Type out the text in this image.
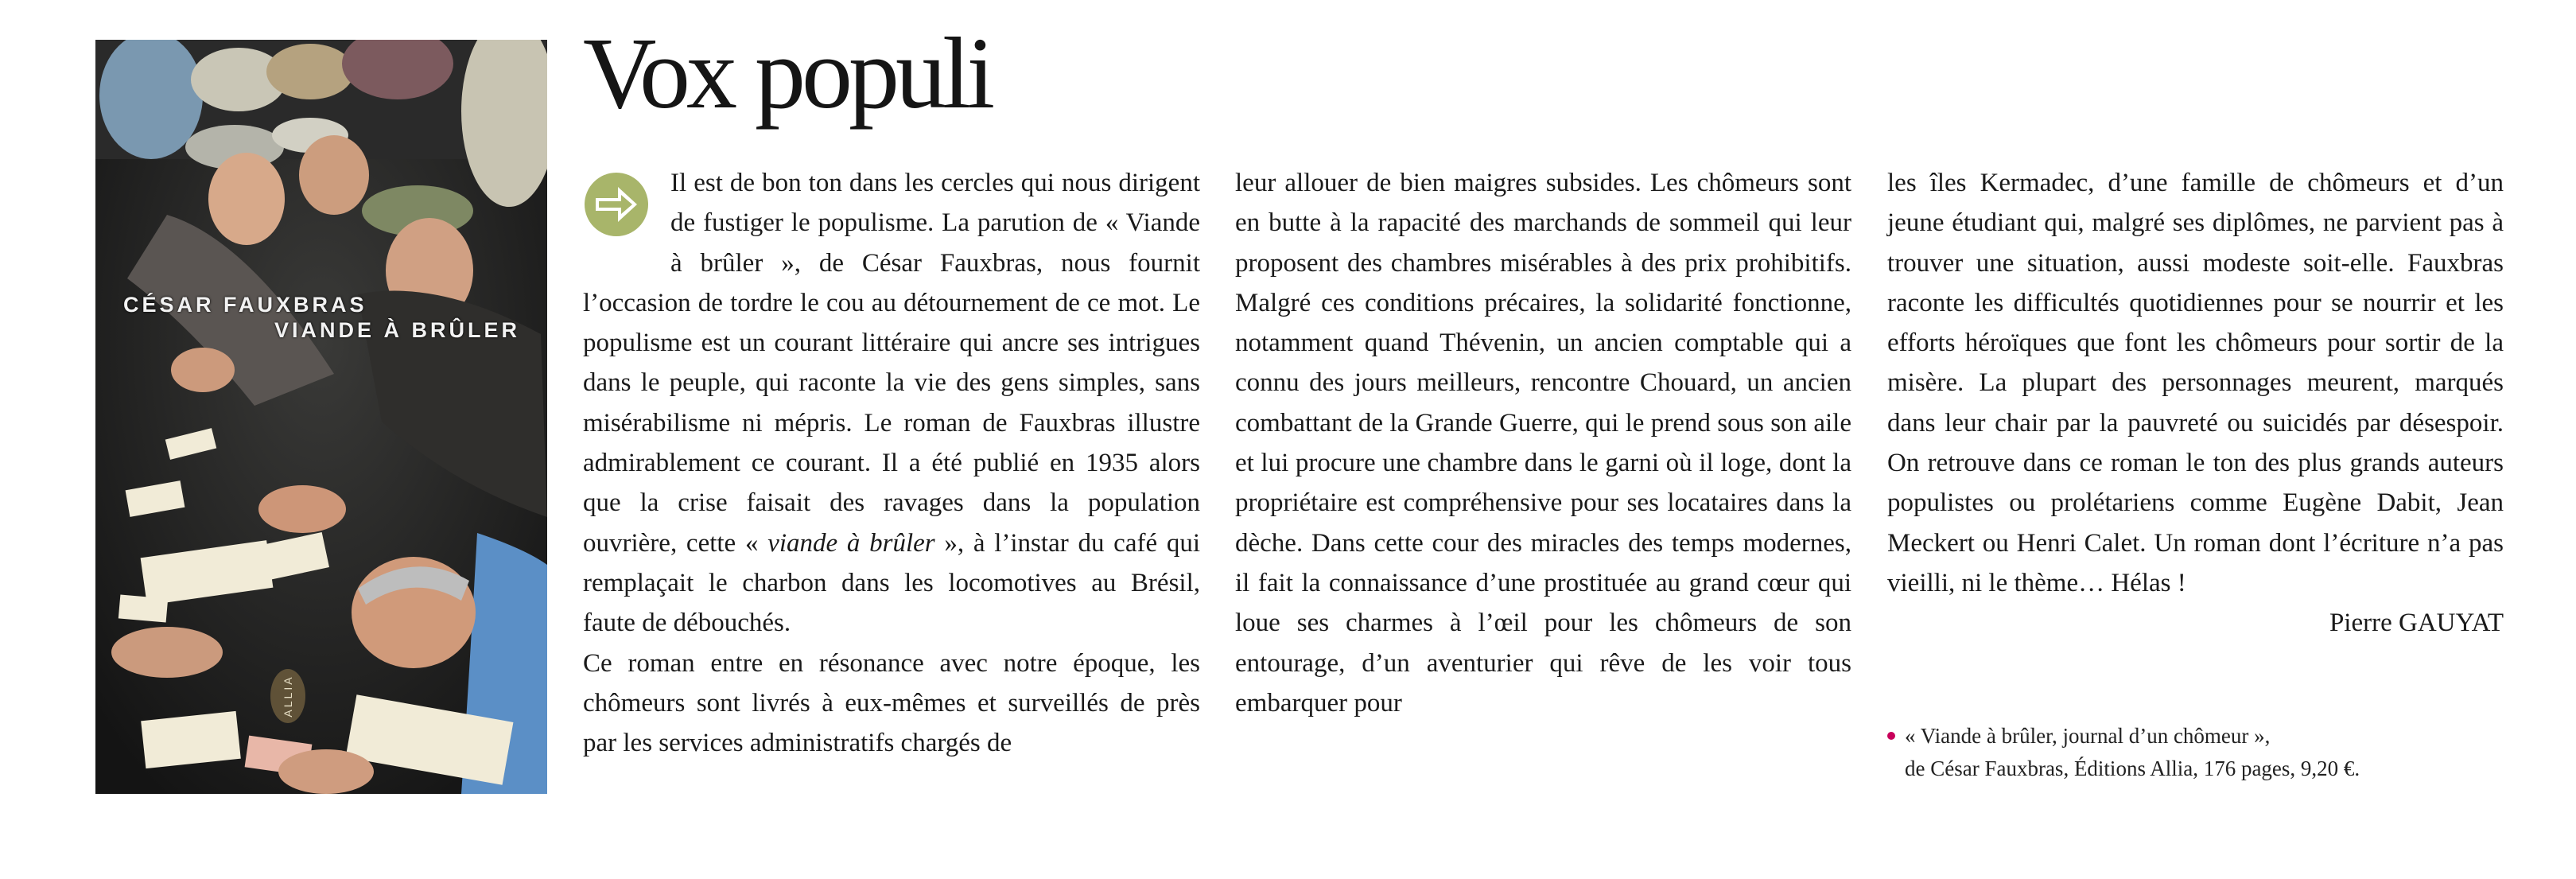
CÉSAR FAUXBRAS
VIANDE À BRÛLER
ALLIA
Vox populi

Il est de bon ton dans les cercles qui nous dirigent de fustiger le populisme. La parution de « Viande à brûler », de César Fauxbras, nous fournit l’occasion de tordre le cou au détournement de ce mot. Le populisme est un courant littéraire qui ancre ses intrigues dans le peuple, qui raconte la vie des gens simples, sans misérabilisme ni mépris. Le roman de Fauxbras illustre admirablement ce courant. Il a été publié en 1935 alors que la crise faisait des ravages dans la population ouvrière, cette « viande à brûler », à l’instar du café qui remplaçait le charbon dans les locomotives au Brésil, faute de débouchés.

Ce roman entre en résonance avec notre époque, les chômeurs sont livrés à eux-mêmes et surveillés de près par les services administratifs chargés de

leur allouer de bien maigres subsides. Les chômeurs sont en butte à la rapacité des marchands de sommeil qui leur proposent des chambres misérables à des prix prohibitifs. Malgré ces conditions précaires, la solidarité fonctionne, notamment quand Thévenin, un ancien comptable qui a connu des jours meilleurs, rencontre Chouard, un ancien combattant de la Grande Guerre, qui le prend sous son aile et lui procure une chambre dans le garni où il loge, dont la propriétaire est compréhensive pour ses locataires dans la dèche. Dans cette cour des miracles des temps modernes, il fait la connaissance d’une prostituée au grand cœur qui loue ses charmes à l’œil pour les chômeurs de son entourage, d’un aventurier qui rêve de les voir tous embarquer pour

les îles Kermadec, d’une famille de chômeurs et d’un jeune étudiant qui, malgré ses diplômes, ne parvient pas à trouver une situation, aussi modeste soit-elle. Fauxbras raconte les difficultés quotidiennes pour se nourrir et les efforts héroïques que font les chômeurs pour sortir de la misère. La plupart des personnages meurent, marqués dans leur chair par la pauvreté ou suicidés par désespoir. On retrouve dans ce roman le ton des plus grands auteurs populistes ou prolétariens comme Eugène Dabit, Jean Meckert ou Henri Calet. Un roman dont l’écriture n’a pas vieilli, ni le thème… Hélas !

Pierre GAUYAT

« Viande à brûler, journal d’un chômeur »,
de César Fauxbras, Éditions Allia, 176 pages, 9,20 €.
